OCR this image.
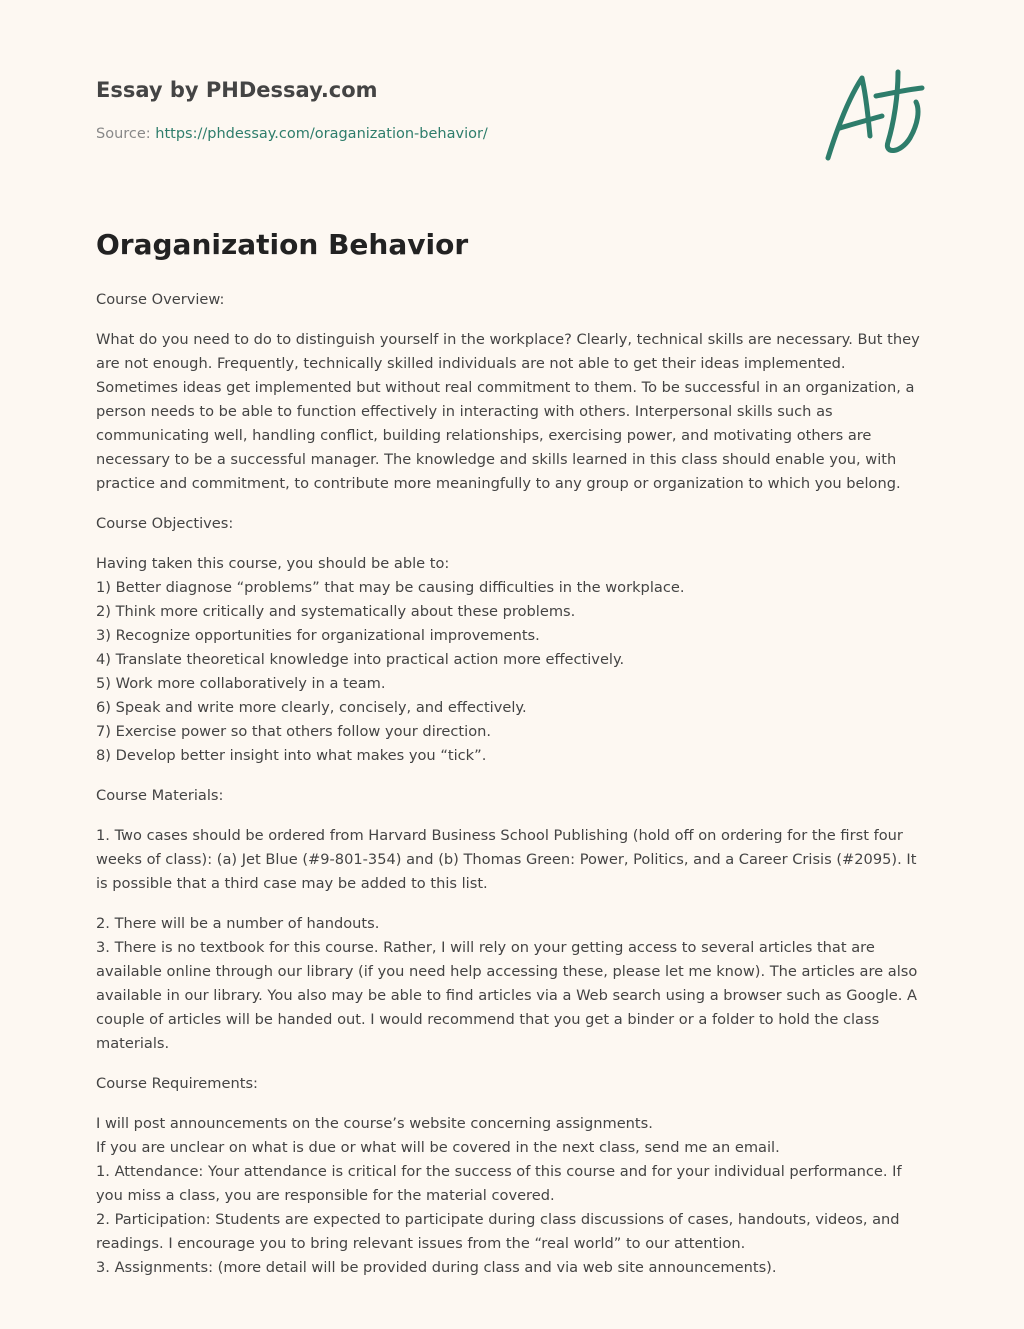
Essay by PHDessay.com

Source: https://phdessay.com/oraganization-behavior/
Oraganization Behavior

Course Overview:

What do you need to do to distinguish yourself in the workplace? Clearly, technical skills are necessary. But they are not enough. Frequently, technically skilled individuals are not able to get their ideas implemented. Sometimes ideas get implemented but without real commitment to them. To be successful in an organization, a person needs to be able to function effectively in interacting with others. Interpersonal skills such as communicating well, handling conflict, building relationships, exercising power, and motivating others are necessary to be a successful manager. The knowledge and skills learned in this class should enable you, with practice and commitment, to contribute more meaningfully to any group or organization to which you belong.

Course Objectives:

Having taken this course, you should be able to:
1) Better diagnose “problems” that may be causing difficulties in the workplace.
2) Think more critically and systematically about these problems.
3) Recognize opportunities for organizational improvements.
4) Translate theoretical knowledge into practical action more effectively.
5) Work more collaboratively in a team.
6) Speak and write more clearly, concisely, and effectively.
7) Exercise power so that others follow your direction.
8) Develop better insight into what makes you “tick”.

Course Materials:

1. Two cases should be ordered from Harvard Business School Publishing (hold off on ordering for the first four weeks of class): (a) Jet Blue (#9-801-354) and (b) Thomas Green: Power, Politics, and a Career Crisis (#2095). It is possible that a third case may be added to this list.

2. There will be a number of handouts.
3. There is no textbook for this course. Rather, I will rely on your getting access to several articles that are available online through our library (if you need help accessing these, please let me know). The articles are also available in our library. You also may be able to find articles via a Web search using a browser such as Google. A couple of articles will be handed out. I would recommend that you get a binder or a folder to hold the class materials.

Course Requirements:

I will post announcements on the course’s website concerning assignments.
If you are unclear on what is due or what will be covered in the next class, send me an email.
1. Attendance: Your attendance is critical for the success of this course and for your individual performance. If you miss a class, you are responsible for the material covered.
2. Participation: Students are expected to participate during class discussions of cases, handouts, videos, and readings. I encourage you to bring relevant issues from the “real world” to our attention.
3. Assignments: (more detail will be provided during class and via web site announcements).
